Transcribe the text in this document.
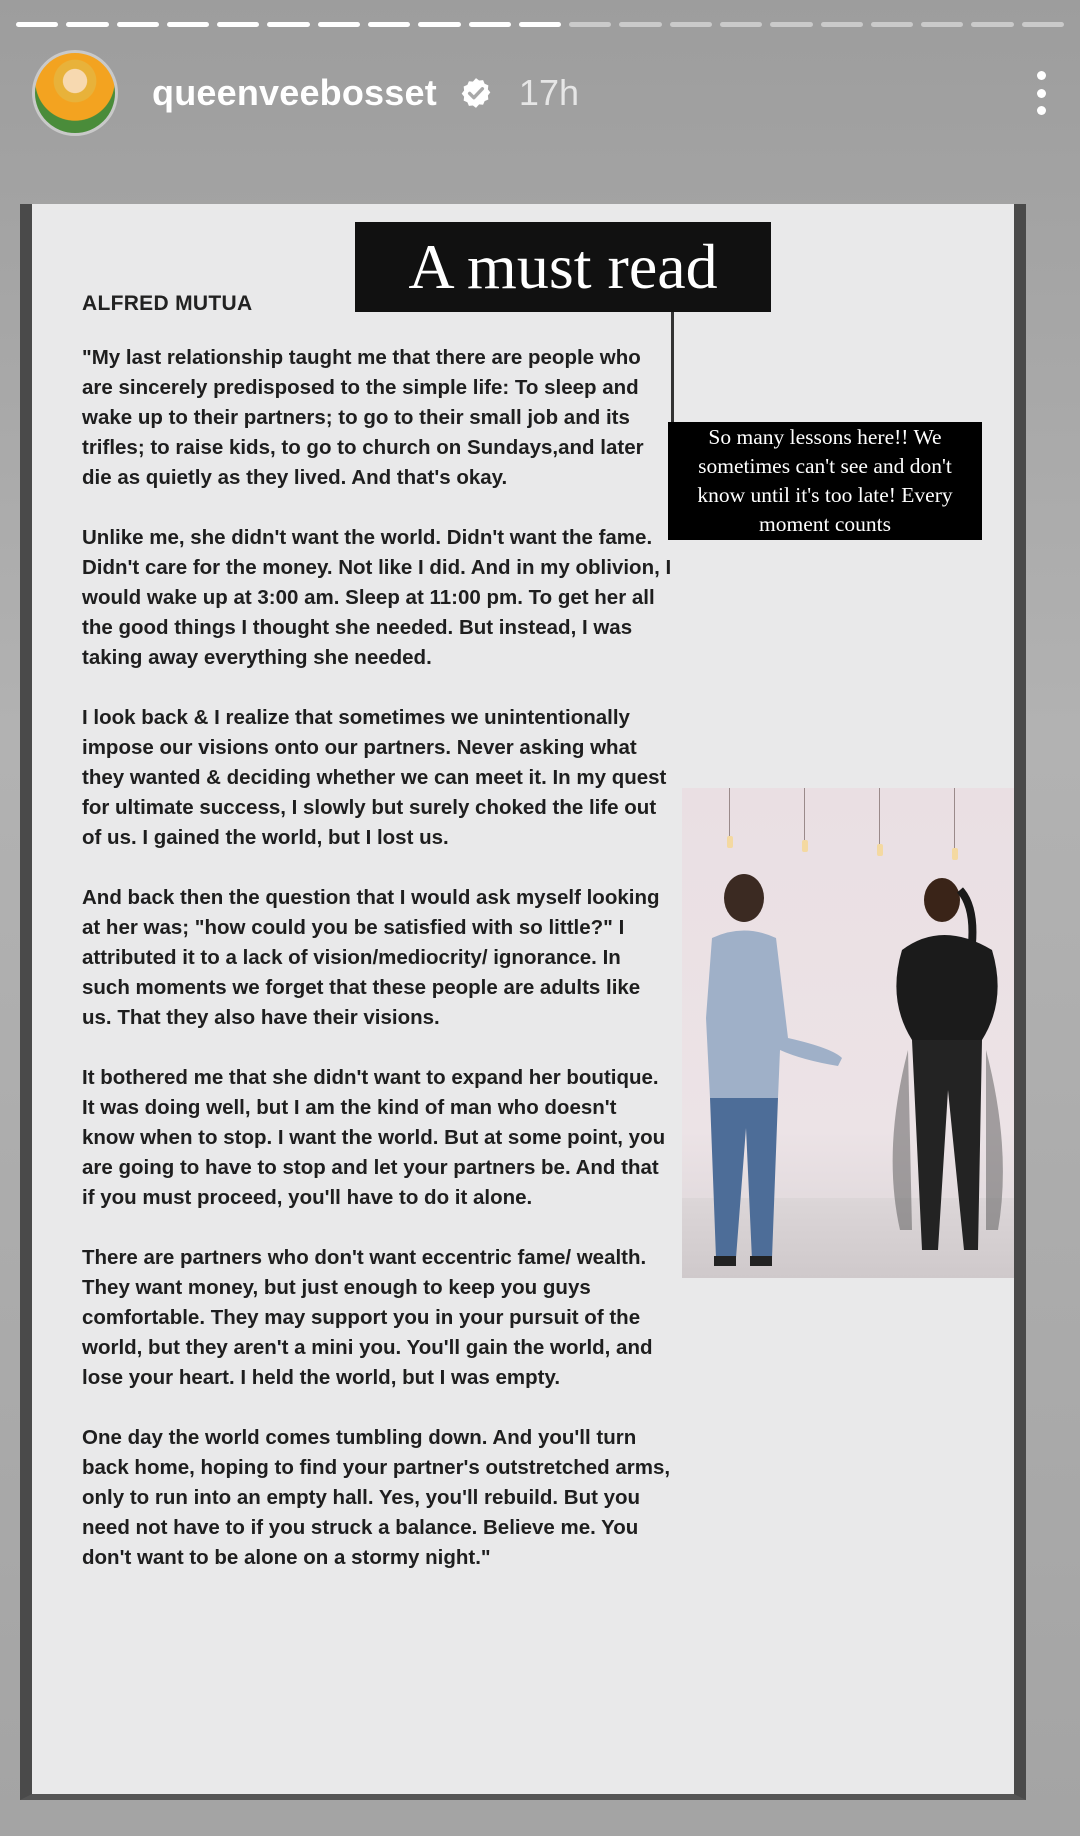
queenveebosset 17h
A must read
ALFRED MUTUA

"My last relationship taught me that there are people who are sincerely predisposed to the simple life: To sleep and wake up to their partners; to go to their small job and its trifles; to raise kids, to go to church on Sundays,and later die as quietly as they lived. And that's okay.

Unlike me, she didn't want the world. Didn't want the fame. Didn't care for the money. Not like I did. And in my oblivion, I would wake up at 3:00 am. Sleep at 11:00 pm. To get her all the good things I thought she needed. But instead, I was taking away everything she needed.

I look back & I realize that sometimes we unintentionally impose our visions onto our partners. Never asking what they wanted & deciding whether we can meet it. In my quest for ultimate success, I slowly but surely choked the life out of us. I gained the world, but I lost us.

And back then the question that I would ask myself looking at her was; "how could you be satisfied with so little?" I attributed it to a lack of vision/mediocrity/ ignorance. In such moments we forget that these people are adults like us. That they also have their visions.

It bothered me that she didn't want to expand her boutique. It was doing well, but I am the kind of man who doesn't know when to stop. I want the world. But at some point, you are going to have to stop and let your partners be. And that if you must proceed, you'll have to do it alone.

There are partners who don't want eccentric fame/ wealth. They want money, but just enough to keep you guys comfortable. They may support you in your pursuit of the world, but they aren't a mini you. You'll gain the world, and lose your heart. I held the world, but I was empty.

One day the world comes tumbling down. And you'll turn back home, hoping to find your partner's outstretched arms, only to run into an empty hall. Yes, you'll rebuild. But you need not have to if you struck a balance. Believe me. You don't want to be alone on a stormy night."

So many lessons here!! We sometimes can't see and don't know until it's too late! Every moment counts
